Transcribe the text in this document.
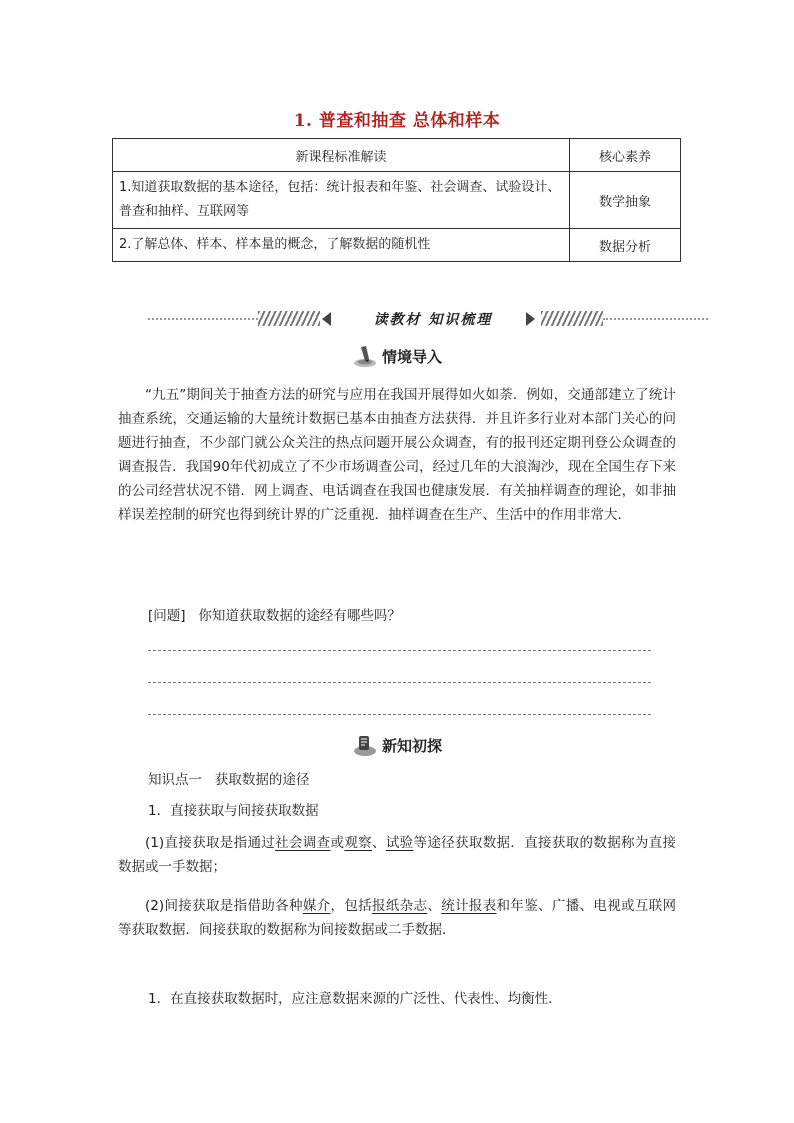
1. 普查和抽查 总体和样本
新课程标准解读	核心素养
1.知道获取数据的基本途径，包括：统计报表和年鉴、社会调查、试验设计、普查和抽样、互联网等	数学抽象
2.了解总体、样本、样本量的概念，了解数据的随机性	数据分析
读教材 知识梳理
情境导入
“九五”期间关于抽查方法的研究与应用在我国开展得如火如荼．例如，交通部建立了统计抽查系统，交通运输的大量统计数据已基本由抽查方法获得．并且许多行业对本部门关心的问题进行抽查，不少部门就公众关注的热点问题开展公众调查，有的报刊还定期刊登公众调查的调查报告．我国90年代初成立了不少市场调查公司，经过几年的大浪淘沙，现在全国生存下来的公司经营状况不错．网上调查、电话调查在我国也健康发展．有关抽样调查的理论，如非抽样误差控制的研究也得到统计界的广泛重视．抽样调查在生产、生活中的作用非常大．
[问题] 你知道获取数据的途经有哪些吗？
新知初探
知识点一 获取数据的途径
1．直接获取与间接获取数据
(1)直接获取是指通过社会调查或观察、试验等途径获取数据．直接获取的数据称为直接数据或一手数据；
(2)间接获取是指借助各种媒介，包括报纸杂志、统计报表和年鉴、广播、电视或互联网等获取数据．间接获取的数据称为间接数据或二手数据．
1．在直接获取数据时，应注意数据来源的广泛性、代表性、均衡性．
